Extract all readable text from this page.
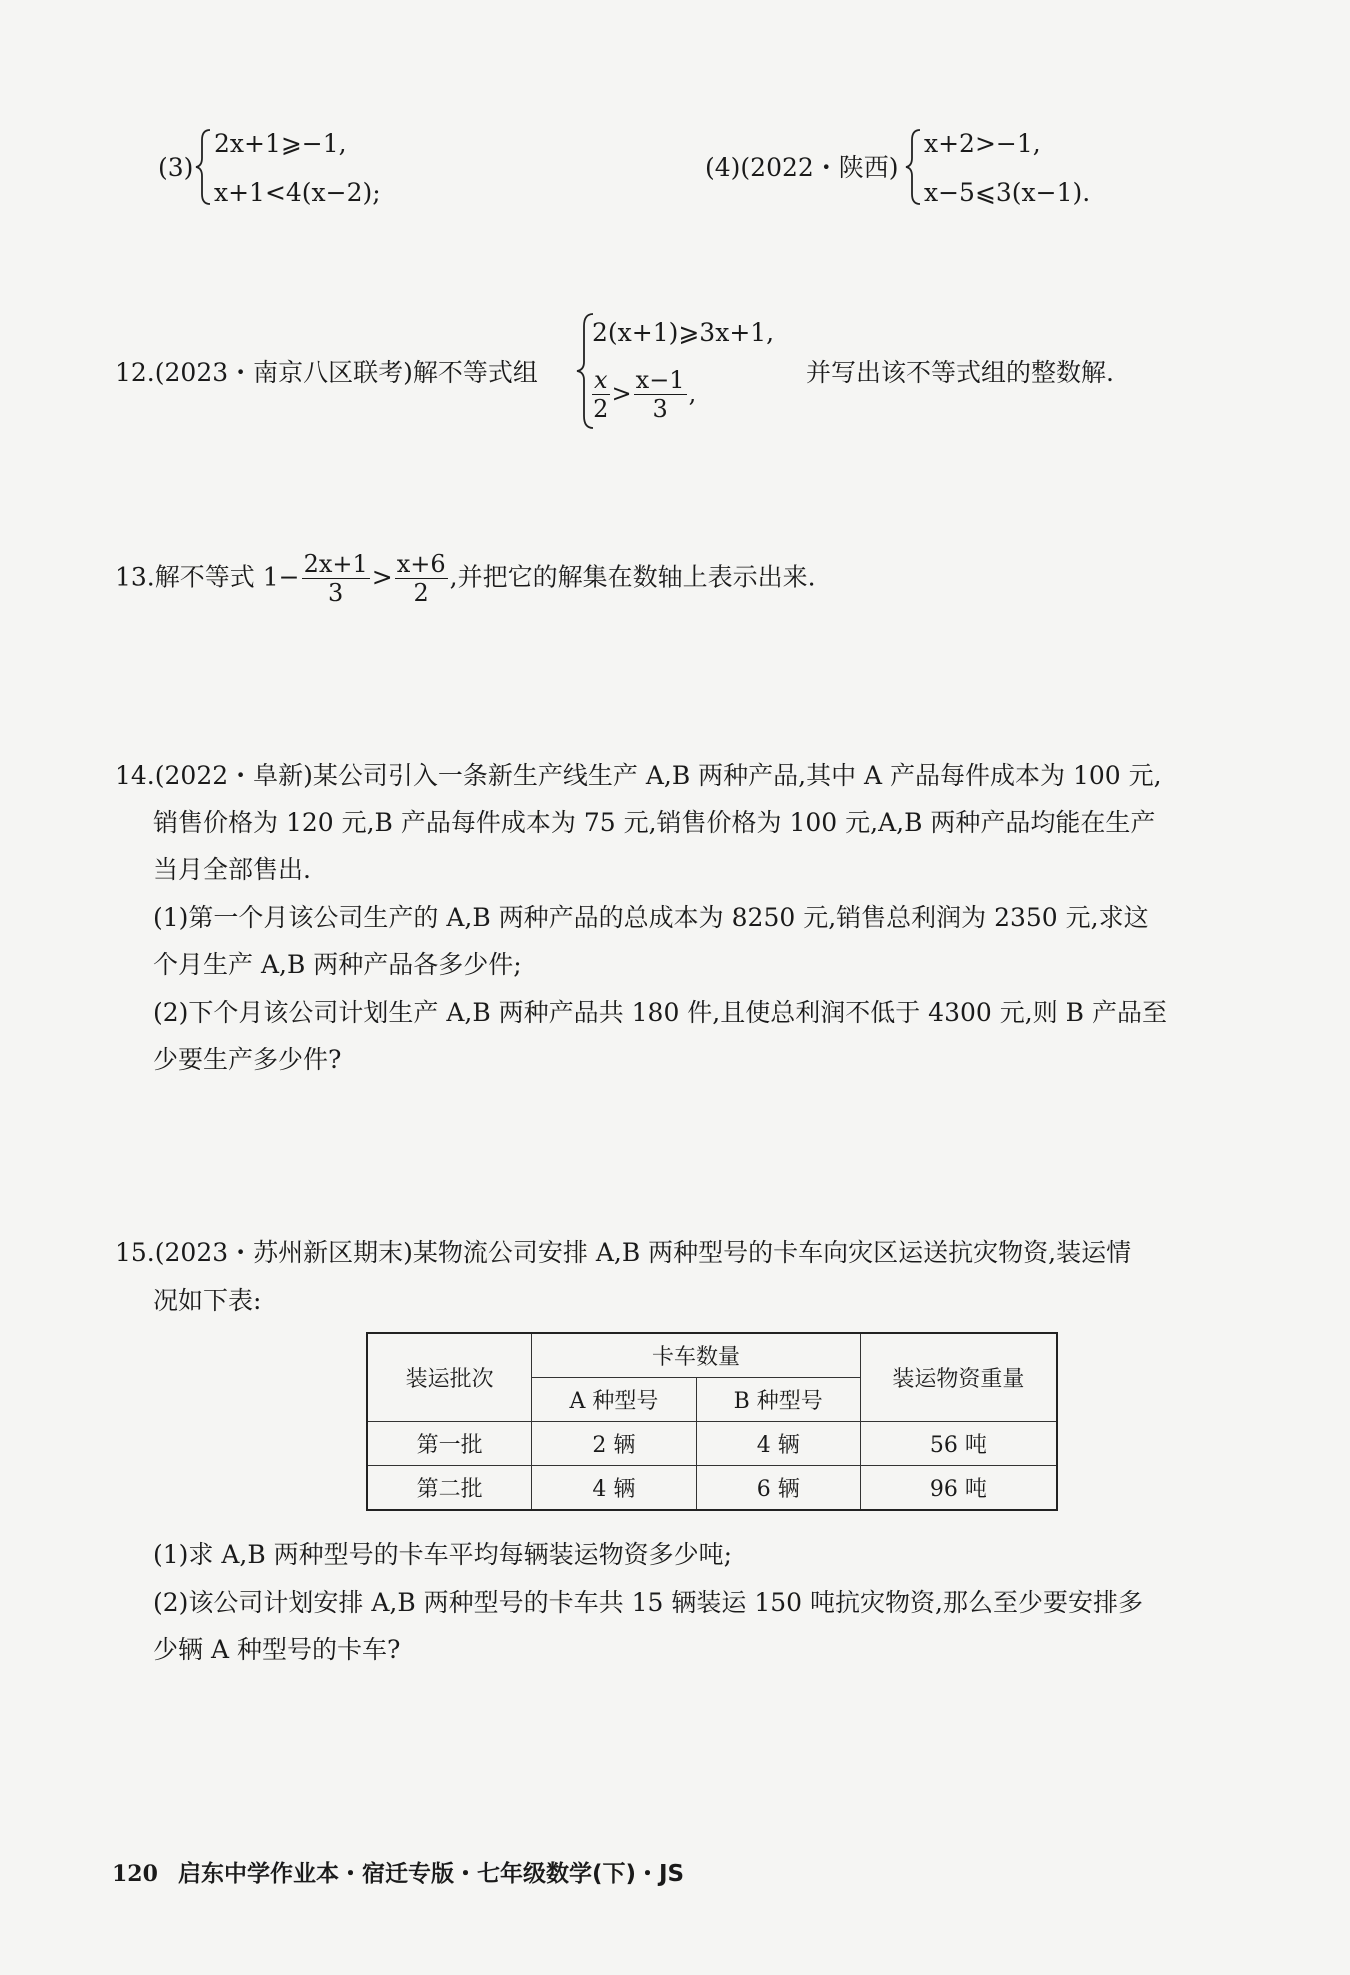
(3)
2x+1⩾−1,
x+1<4(x−2);
(4)(2022・陕西)
x+2>−1,
x−5⩽3(x−1).
12.(2023・南京八区联考)解不等式组
2(x+1)⩾3x+1,
$\frac{x}{2} > \frac{x-1}{3}$ ,
并写出该不等式组的整数解.
13.解不等式 $1- \frac{2x+1}{3} > \frac{x+6}{2}$ ,并把它的解集在数轴上表示出来.
14.(2022・阜新)某公司引入一条新生产线生产 A,B 两种产品,其中 A 产品每件成本为 100 元,
销售价格为 120 元,B 产品每件成本为 75 元,销售价格为 100 元,A,B 两种产品均能在生产
当月全部售出.
(1)第一个月该公司生产的 A,B 两种产品的总成本为 8250 元,销售总利润为 2350 元,求这
个月生产 A,B 两种产品各多少件;
(2)下个月该公司计划生产 A,B 两种产品共 180 件,且使总利润不低于 4300 元,则 B 产品至
少要生产多少件?
15.(2023・苏州新区期末)某物流公司安排 A,B 两种型号的卡车向灾区运送抗灾物资,装运情
况如下表:
装运批次	卡车数量		装运物资重量
	A 种型号	B 种型号	
第一批	2 辆	4 辆	56 吨
第二批	4 辆	6 辆	96 吨
(1)求 A,B 两种型号的卡车平均每辆装运物资多少吨;
(2)该公司计划安排 A,B 两种型号的卡车共 15 辆装运 150 吨抗灾物资,那么至少要安排多
少辆 A 种型号的卡车?
120 启东中学作业本・宿迁专版・七年级数学(下)・JS
